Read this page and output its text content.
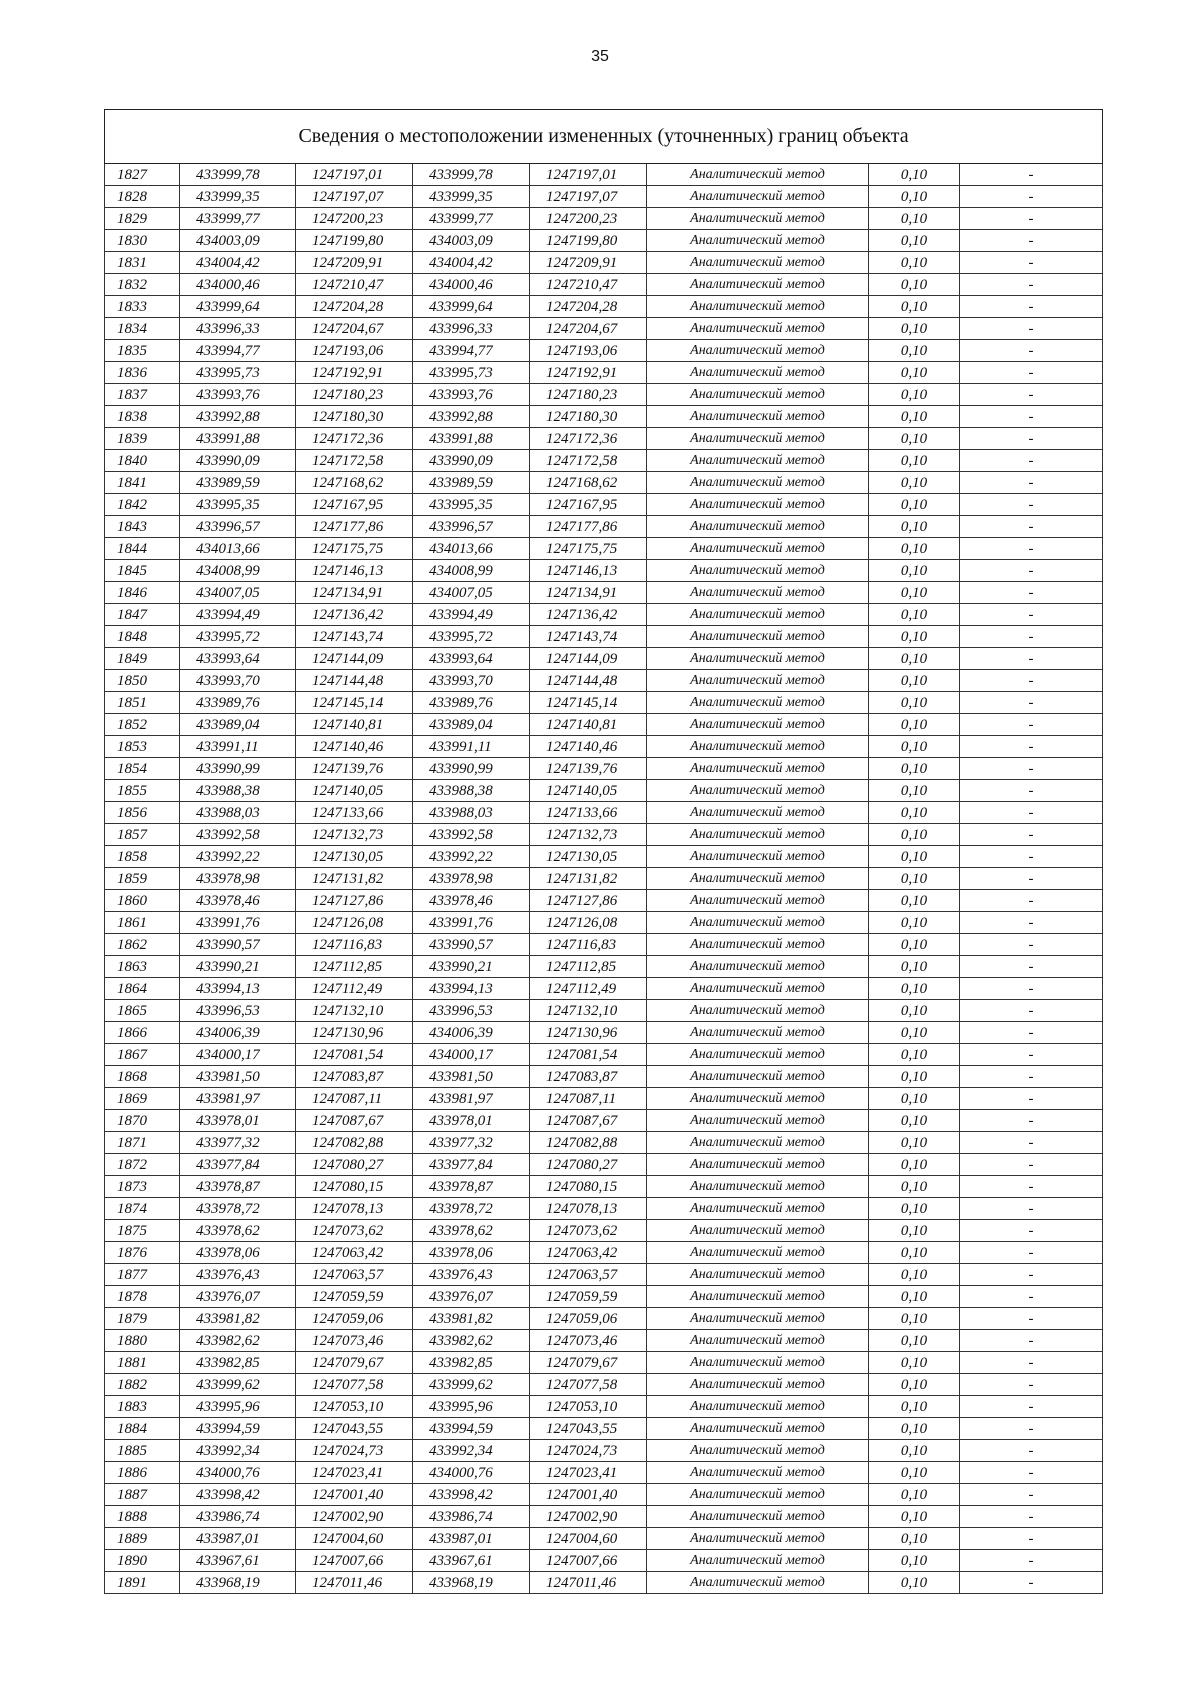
35
Сведения о местоположении измененных (уточненных) границ объекта							
1827	433999,78	1247197,01	433999,78	1247197,01	Аналитический метод	0,10	-
1828	433999,35	1247197,07	433999,35	1247197,07	Аналитический метод	0,10	-
1829	433999,77	1247200,23	433999,77	1247200,23	Аналитический метод	0,10	-
1830	434003,09	1247199,80	434003,09	1247199,80	Аналитический метод	0,10	-
1831	434004,42	1247209,91	434004,42	1247209,91	Аналитический метод	0,10	-
1832	434000,46	1247210,47	434000,46	1247210,47	Аналитический метод	0,10	-
1833	433999,64	1247204,28	433999,64	1247204,28	Аналитический метод	0,10	-
1834	433996,33	1247204,67	433996,33	1247204,67	Аналитический метод	0,10	-
1835	433994,77	1247193,06	433994,77	1247193,06	Аналитический метод	0,10	-
1836	433995,73	1247192,91	433995,73	1247192,91	Аналитический метод	0,10	-
1837	433993,76	1247180,23	433993,76	1247180,23	Аналитический метод	0,10	-
1838	433992,88	1247180,30	433992,88	1247180,30	Аналитический метод	0,10	-
1839	433991,88	1247172,36	433991,88	1247172,36	Аналитический метод	0,10	-
1840	433990,09	1247172,58	433990,09	1247172,58	Аналитический метод	0,10	-
1841	433989,59	1247168,62	433989,59	1247168,62	Аналитический метод	0,10	-
1842	433995,35	1247167,95	433995,35	1247167,95	Аналитический метод	0,10	-
1843	433996,57	1247177,86	433996,57	1247177,86	Аналитический метод	0,10	-
1844	434013,66	1247175,75	434013,66	1247175,75	Аналитический метод	0,10	-
1845	434008,99	1247146,13	434008,99	1247146,13	Аналитический метод	0,10	-
1846	434007,05	1247134,91	434007,05	1247134,91	Аналитический метод	0,10	-
1847	433994,49	1247136,42	433994,49	1247136,42	Аналитический метод	0,10	-
1848	433995,72	1247143,74	433995,72	1247143,74	Аналитический метод	0,10	-
1849	433993,64	1247144,09	433993,64	1247144,09	Аналитический метод	0,10	-
1850	433993,70	1247144,48	433993,70	1247144,48	Аналитический метод	0,10	-
1851	433989,76	1247145,14	433989,76	1247145,14	Аналитический метод	0,10	-
1852	433989,04	1247140,81	433989,04	1247140,81	Аналитический метод	0,10	-
1853	433991,11	1247140,46	433991,11	1247140,46	Аналитический метод	0,10	-
1854	433990,99	1247139,76	433990,99	1247139,76	Аналитический метод	0,10	-
1855	433988,38	1247140,05	433988,38	1247140,05	Аналитический метод	0,10	-
1856	433988,03	1247133,66	433988,03	1247133,66	Аналитический метод	0,10	-
1857	433992,58	1247132,73	433992,58	1247132,73	Аналитический метод	0,10	-
1858	433992,22	1247130,05	433992,22	1247130,05	Аналитический метод	0,10	-
1859	433978,98	1247131,82	433978,98	1247131,82	Аналитический метод	0,10	-
1860	433978,46	1247127,86	433978,46	1247127,86	Аналитический метод	0,10	-
1861	433991,76	1247126,08	433991,76	1247126,08	Аналитический метод	0,10	-
1862	433990,57	1247116,83	433990,57	1247116,83	Аналитический метод	0,10	-
1863	433990,21	1247112,85	433990,21	1247112,85	Аналитический метод	0,10	-
1864	433994,13	1247112,49	433994,13	1247112,49	Аналитический метод	0,10	-
1865	433996,53	1247132,10	433996,53	1247132,10	Аналитический метод	0,10	-
1866	434006,39	1247130,96	434006,39	1247130,96	Аналитический метод	0,10	-
1867	434000,17	1247081,54	434000,17	1247081,54	Аналитический метод	0,10	-
1868	433981,50	1247083,87	433981,50	1247083,87	Аналитический метод	0,10	-
1869	433981,97	1247087,11	433981,97	1247087,11	Аналитический метод	0,10	-
1870	433978,01	1247087,67	433978,01	1247087,67	Аналитический метод	0,10	-
1871	433977,32	1247082,88	433977,32	1247082,88	Аналитический метод	0,10	-
1872	433977,84	1247080,27	433977,84	1247080,27	Аналитический метод	0,10	-
1873	433978,87	1247080,15	433978,87	1247080,15	Аналитический метод	0,10	-
1874	433978,72	1247078,13	433978,72	1247078,13	Аналитический метод	0,10	-
1875	433978,62	1247073,62	433978,62	1247073,62	Аналитический метод	0,10	-
1876	433978,06	1247063,42	433978,06	1247063,42	Аналитический метод	0,10	-
1877	433976,43	1247063,57	433976,43	1247063,57	Аналитический метод	0,10	-
1878	433976,07	1247059,59	433976,07	1247059,59	Аналитический метод	0,10	-
1879	433981,82	1247059,06	433981,82	1247059,06	Аналитический метод	0,10	-
1880	433982,62	1247073,46	433982,62	1247073,46	Аналитический метод	0,10	-
1881	433982,85	1247079,67	433982,85	1247079,67	Аналитический метод	0,10	-
1882	433999,62	1247077,58	433999,62	1247077,58	Аналитический метод	0,10	-
1883	433995,96	1247053,10	433995,96	1247053,10	Аналитический метод	0,10	-
1884	433994,59	1247043,55	433994,59	1247043,55	Аналитический метод	0,10	-
1885	433992,34	1247024,73	433992,34	1247024,73	Аналитический метод	0,10	-
1886	434000,76	1247023,41	434000,76	1247023,41	Аналитический метод	0,10	-
1887	433998,42	1247001,40	433998,42	1247001,40	Аналитический метод	0,10	-
1888	433986,74	1247002,90	433986,74	1247002,90	Аналитический метод	0,10	-
1889	433987,01	1247004,60	433987,01	1247004,60	Аналитический метод	0,10	-
1890	433967,61	1247007,66	433967,61	1247007,66	Аналитический метод	0,10	-
1891	433968,19	1247011,46	433968,19	1247011,46	Аналитический метод	0,10	-
